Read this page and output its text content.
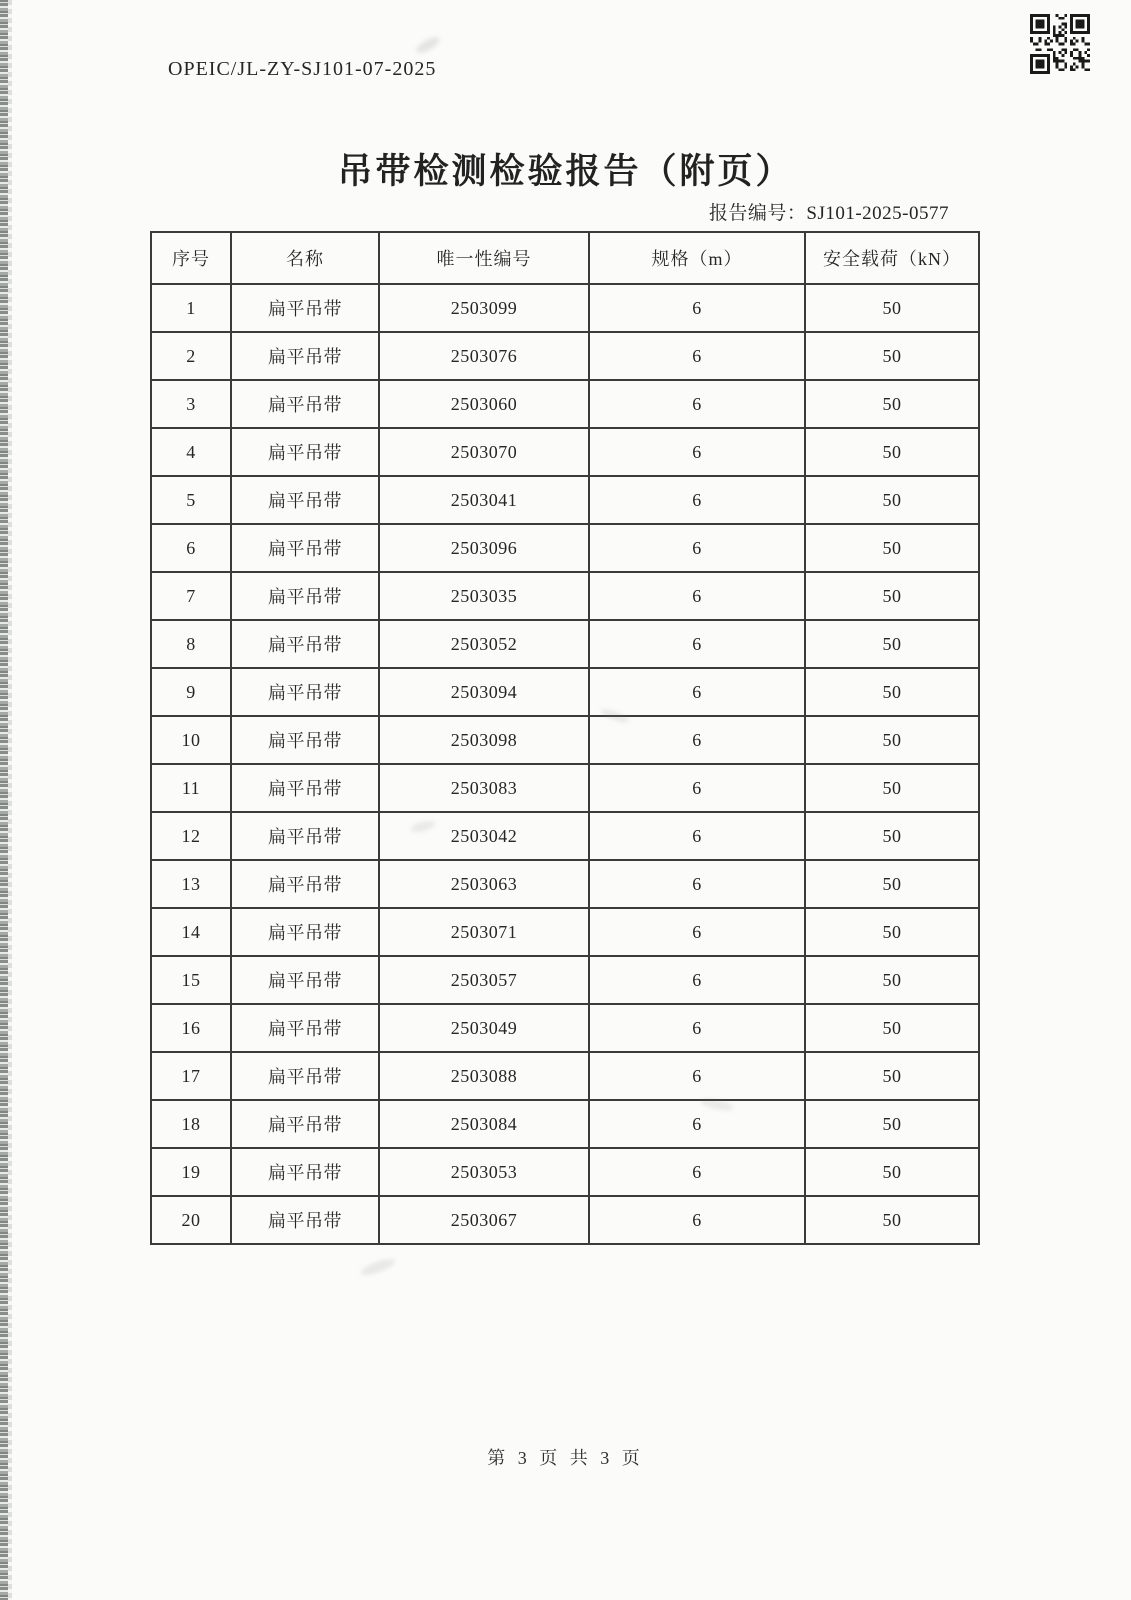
OPEIC/JL-ZY-SJ101-07-2025
吊带检测检验报告（附页）
报告编号：SJ101-2025-0577
序号	名称	唯一性编号	规格（m）	安全载荷（kN）
1	扁平吊带	2503099	6	50
2	扁平吊带	2503076	6	50
3	扁平吊带	2503060	6	50
4	扁平吊带	2503070	6	50
5	扁平吊带	2503041	6	50
6	扁平吊带	2503096	6	50
7	扁平吊带	2503035	6	50
8	扁平吊带	2503052	6	50
9	扁平吊带	2503094	6	50
10	扁平吊带	2503098	6	50
11	扁平吊带	2503083	6	50
12	扁平吊带	2503042	6	50
13	扁平吊带	2503063	6	50
14	扁平吊带	2503071	6	50
15	扁平吊带	2503057	6	50
16	扁平吊带	2503049	6	50
17	扁平吊带	2503088	6	50
18	扁平吊带	2503084	6	50
19	扁平吊带	2503053	6	50
20	扁平吊带	2503067	6	50
第 3 页 共 3 页
